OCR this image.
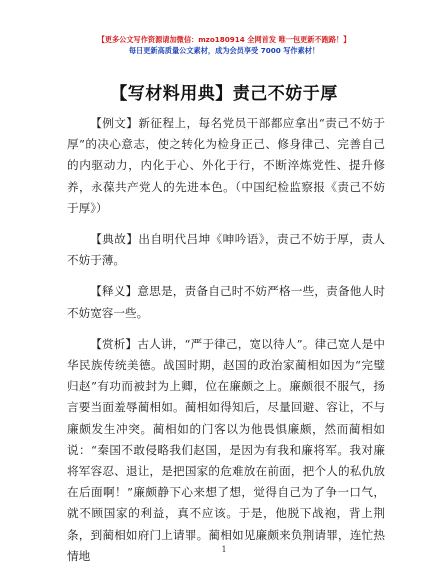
【更多公文写作资源请加微信：mzo180914 全网首发 唯一包更新不跑路！】
每日更新高质量公文素材，成为会员享受 7000 写作素材！
【写材料用典】责己不妨于厚

【例文】新征程上，每名党员干部都应拿出“责己不妨于厚”的决心意志，使之转化为检身正己、修身律己、完善自己的内驱动力，内化于心、外化于行，不断淬炼党性、提升修养，永葆共产党人的先进本色。（中国纪检监察报《责己不妨于厚》）

【典故】出自明代吕坤《呻吟语》，责己不妨于厚，责人不妨于薄。

【释义】意思是，责备自己时不妨严格一些，责备他人时不妨宽容一些。

【赏析】古人讲，“严于律己，宽以待人”。律己宽人是中华民族传统美德。战国时期，赵国的政治家蔺相如因为“完璧归赵”有功而被封为上卿，位在廉颇之上。廉颇很不服气，扬言要当面羞辱蔺相如。蔺相如得知后，尽量回避、容让，不与廉颇发生冲突。蔺相如的门客以为他畏惧廉颇，然而蔺相如说：“秦国不敢侵略我们赵国，是因为有我和廉将军。我对廉将军容忍、退让，是把国家的危难放在前面，把个人的私仇放在后面啊！”廉颇静下心来想了想，觉得自己为了争一口气，就不顾国家的利益，真不应该。于是，他脱下战袍，背上荆条，到蔺相如府门上请罪。蔺相如见廉颇来负荆请罪，连忙热情地	1
